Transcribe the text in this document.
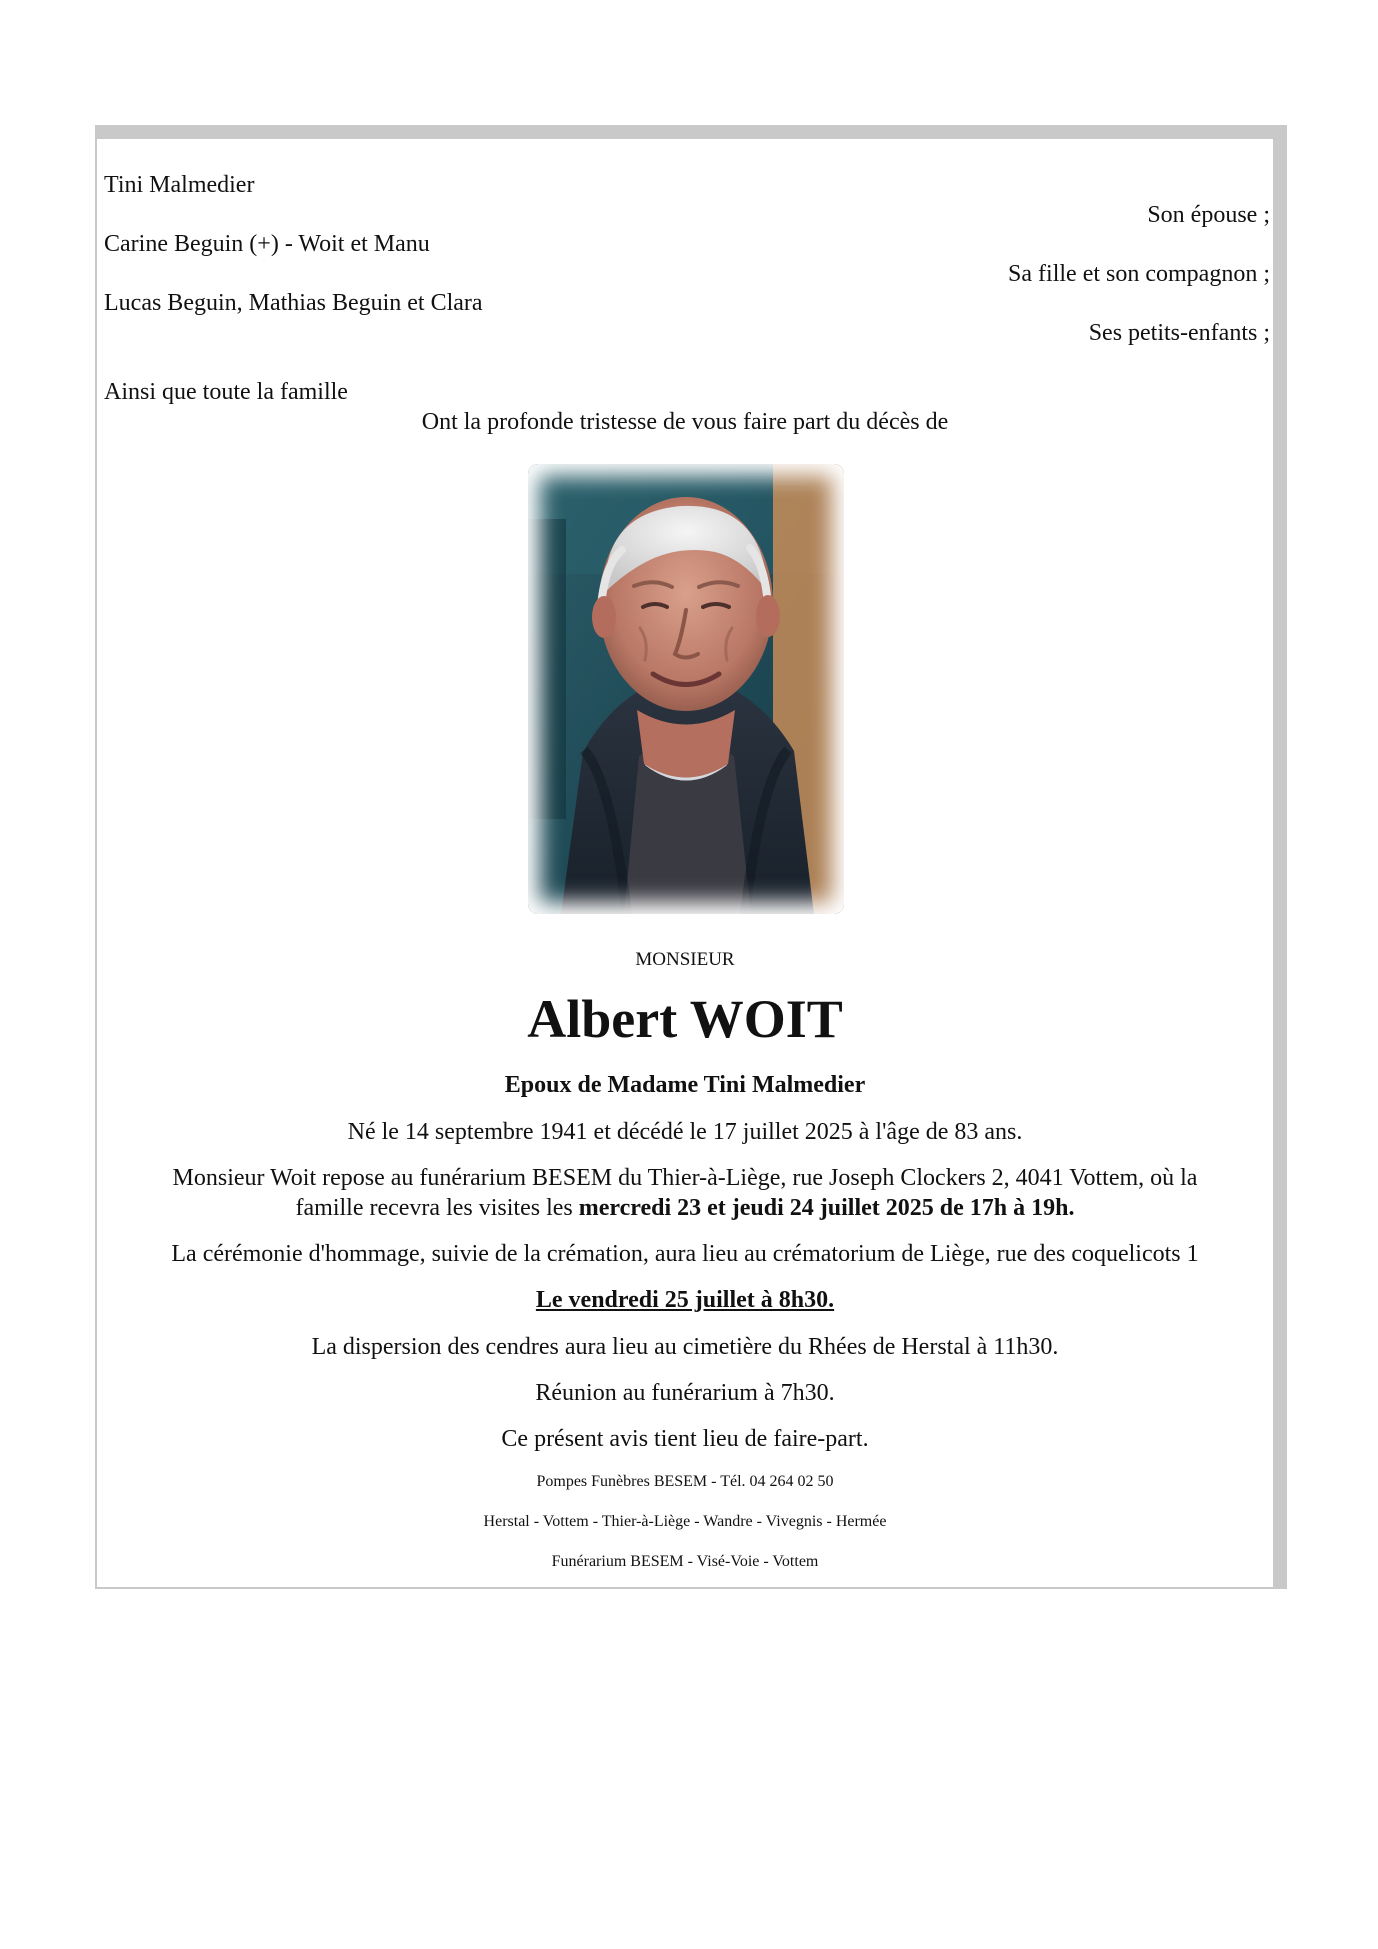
Tini Malmedier
Son épouse ;
Carine Beguin (+) - Woit et Manu
Sa fille et son compagnon ;
Lucas Beguin, Mathias Beguin et Clara
Ses petits-enfants ;
Ainsi que toute la famille
Ont la profonde tristesse de vous faire part du décès de
MONSIEUR
Albert WOIT
Epoux de Madame Tini Malmedier
Né le 14 septembre 1941 et décédé le 17 juillet 2025 à l'âge de 83 ans.
Monsieur Woit repose au funérarium BESEM du Thier-à-Liège, rue Joseph Clockers 2, 4041 Vottem, où la
famille recevra les visites les mercredi 23 et jeudi 24 juillet 2025 de 17h à 19h.
La cérémonie d'hommage, suivie de la crémation, aura lieu au crématorium de Liège, rue des coquelicots 1
Le vendredi 25 juillet à 8h30.
La dispersion des cendres aura lieu au cimetière du Rhées de Herstal à 11h30.
Réunion au funérarium à 7h30.
Ce présent avis tient lieu de faire-part.
Pompes Funèbres BESEM - Tél. 04 264 02 50
Herstal - Vottem - Thier-à-Liège - Wandre - Vivegnis - Hermée
Funérarium BESEM - Visé-Voie - Vottem
